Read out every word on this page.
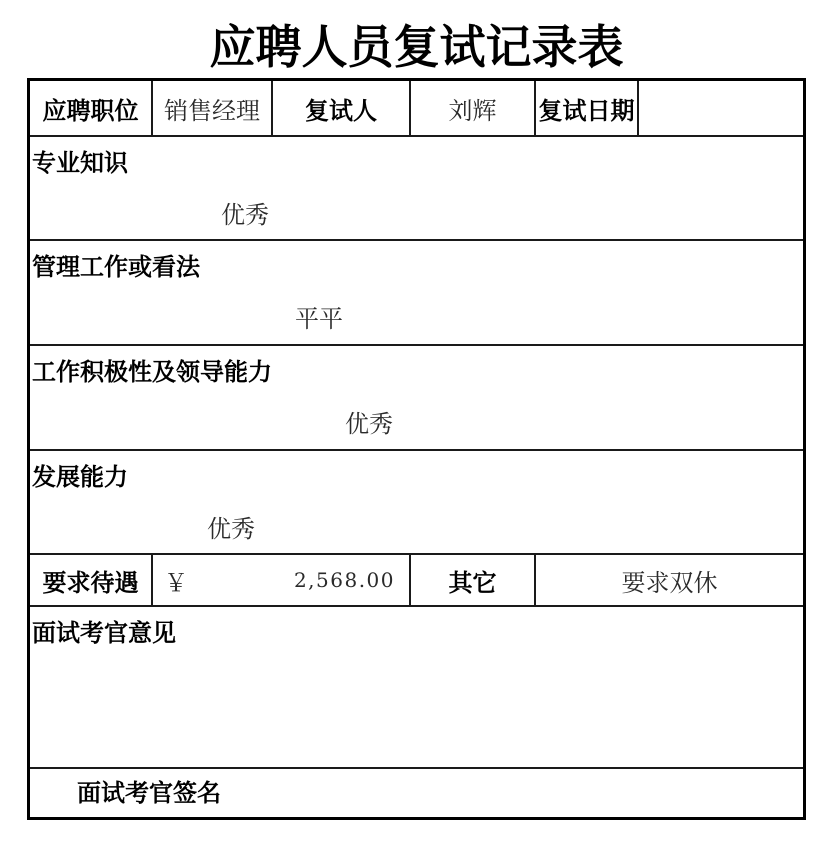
应聘人员复试记录表
应聘职位	销售经理	复试人	刘辉	复试日期
专业知识
优秀
管理工作或看法
平平
工作积极性及领导能力
优秀
发展能力
优秀
要求待遇	￥	2,568.00	其它	要求双休
面试考官意见
面试考官签名
